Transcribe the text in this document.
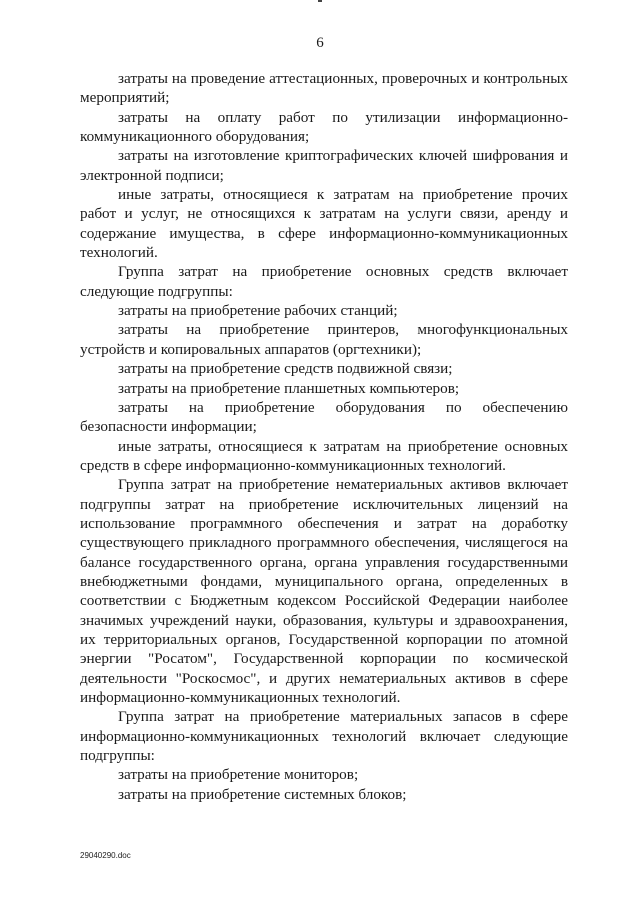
6

затраты на проведение аттестационных, проверочных и контрольных мероприятий;

затраты на оплату работ по утилизации информационно-коммуникационного оборудования;

затраты на изготовление криптографических ключей шифрования и электронной подписи;

иные затраты, относящиеся к затратам на приобретение прочих работ и услуг, не относящихся к затратам на услуги связи, аренду и содержание имущества, в сфере информационно-коммуникационных технологий.

Группа затрат на приобретение основных средств включает следующие подгруппы:

затраты на приобретение рабочих станций;

затраты на приобретение принтеров, многофункциональных устройств и копировальных аппаратов (оргтехники);

затраты на приобретение средств подвижной связи;

затраты на приобретение планшетных компьютеров;

затраты на приобретение оборудования по обеспечению безопасности информации;

иные затраты, относящиеся к затратам на приобретение основных средств в сфере информационно-коммуникационных технологий.

Группа затрат на приобретение нематериальных активов включает подгруппы затрат на приобретение исключительных лицензий на использование программного обеспечения и затрат на доработку существующего прикладного программного обеспечения, числящегося на балансе государственного органа, органа управления государственными внебюджетными фондами, муниципального органа, определенных в соответствии с Бюджетным кодексом Российской Федерации наиболее значимых учреждений науки, образования, культуры и здравоохранения, их территориальных органов, Государственной корпорации по атомной энергии "Росатом", Государственной корпорации по космической деятельности "Роскосмос", и других нематериальных активов в сфере информационно-коммуникационных технологий.

Группа затрат на приобретение материальных запасов в сфере информационно-коммуникационных технологий включает следующие подгруппы:

затраты на приобретение мониторов;

затраты на приобретение системных блоков;

29040290.doc
